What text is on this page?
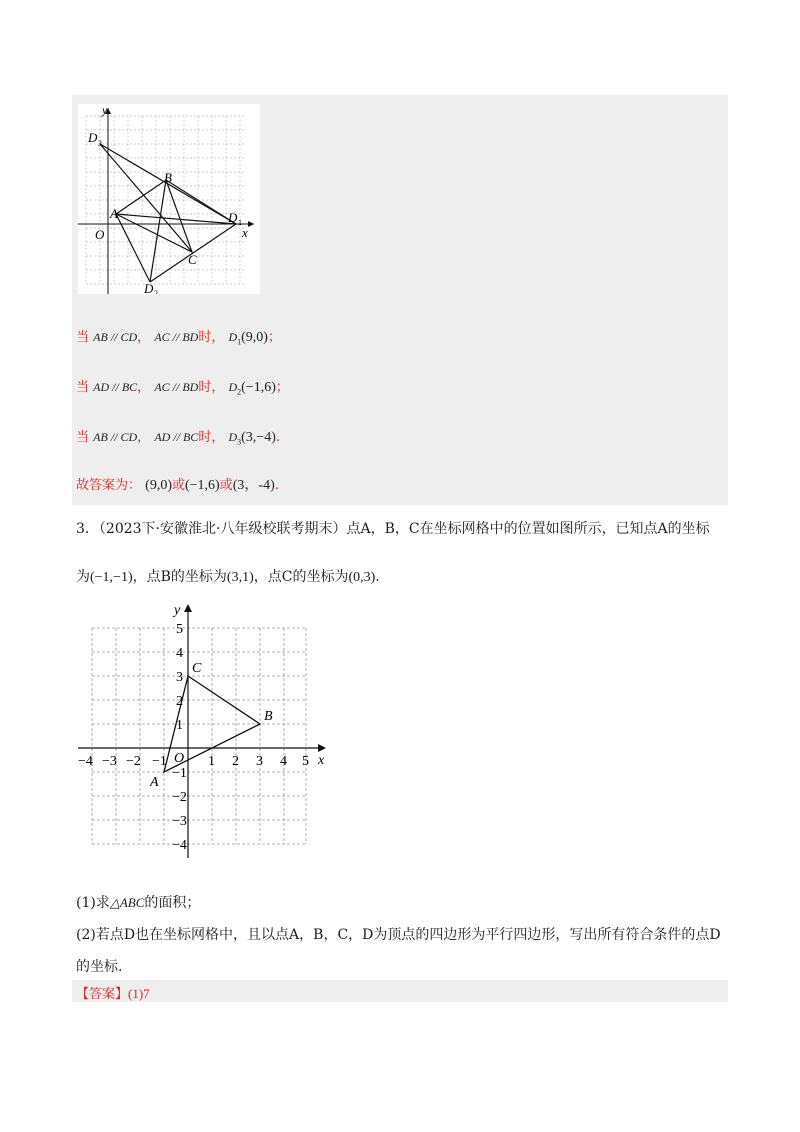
y
x
O
D 3
B
A	D 1
C
D 2
当 AB // CD， AC // BD时， $D_1(9,0)$；
当 AD // BC， AC // BD时， $D_2(-1,6)$；
当 AB // CD， AD // BC时， $D_3(3,-4)$.
故答案为： (9,0)或(−1,6)或(3，-4).
3．（2023下·安徽淮北·八年级校联考期末）点A，B，C在坐标网格中的位置如图所示，已知点A的坐标
为(−1,−1)，点B的坐标为(3,1)，点C的坐标为(0,3).
y
x
O
−4 −3 −2 −1	1 2 3 4 5
5
4
3
2
1
−1
−2
−3
−4
A
B
C
(1)求△ABC的面积；
(2)若点D也在坐标网格中，且以点A，B，C，D为顶点的四边形为平行四边形，写出所有符合条件的点D
的坐标.
【答案】(1)7
